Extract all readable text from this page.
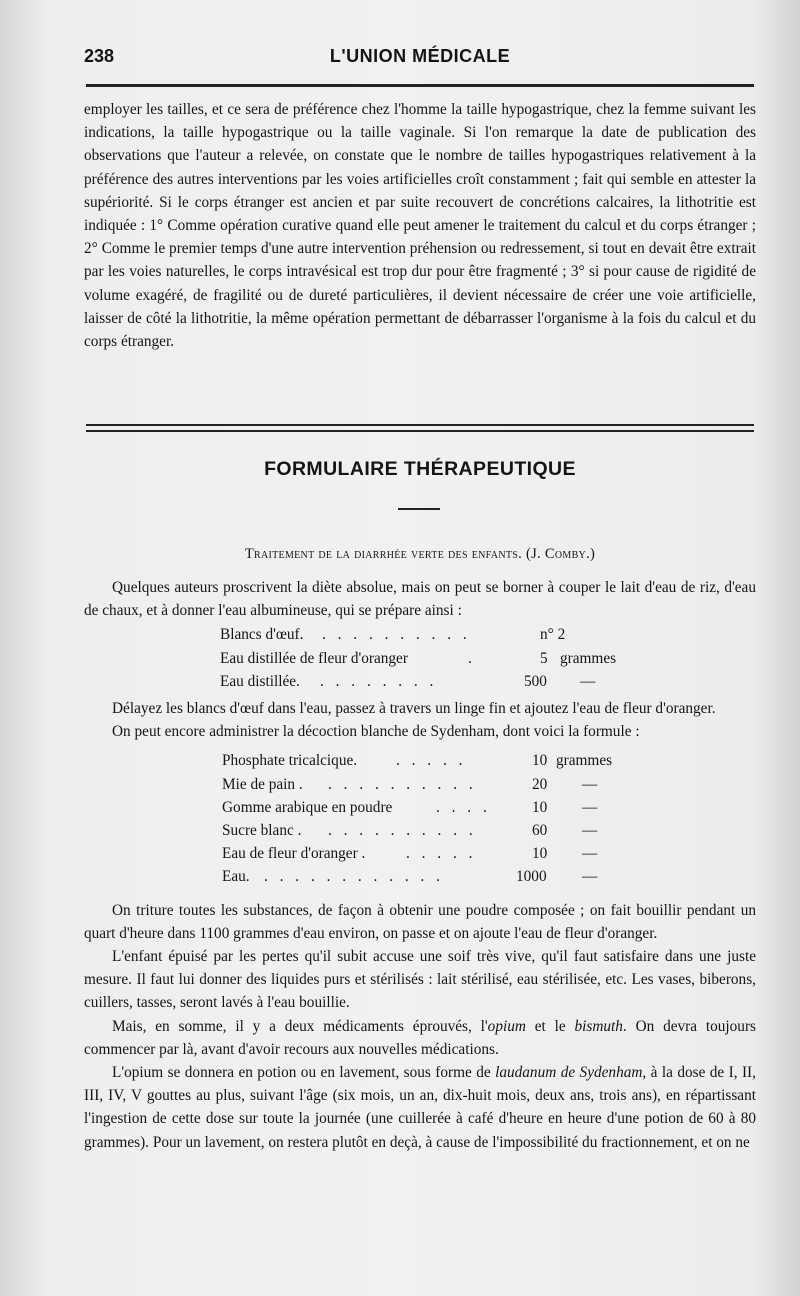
238	L'UNION MÉDICALE

employer les tailles, et ce sera de préférence chez l'homme la taille hypogastrique, chez la femme suivant les indications, la taille hypogastrique ou la taille vaginale. Si l'on remarque la date de publication des observations que l'auteur a relevée, on constate que le nombre de tailles hypogastriques relativement à la préférence des autres interventions par les voies artificielles croît constamment ; fait qui semble en attester la supériorité. Si le corps étranger est ancien et par suite recouvert de concrétions calcaires, la lithotritie est indiquée : 1° Comme opération curative quand elle peut amener le traitement du calcul et du corps étranger ; 2° Comme le premier temps d'une autre intervention préhension ou redressement, si tout en devait être extrait par les voies naturelles, le corps intravésical est trop dur pour être fragmenté ; 3° si pour cause de rigidité de volume exagéré, de fragilité ou de dureté particulières, il devient nécessaire de créer une voie artificielle, laisser de côté la lithotritie, la même opération permettant de débarrasser l'organisme à la fois du calcul et du corps étranger.

FORMULAIRE THÉRAPEUTIQUE
Traitement de la diarrhée verte des enfants. (J. Comby.)

Quelques auteurs proscrivent la diète absolue, mais on peut se borner à couper le lait d'eau de riz, d'eau de chaux, et à donner l'eau albumineuse, qui se prépare ainsi :

Blancs d'œuf. . . . . . . . . . .	n° 2
Eau distillée de fleur d'oranger	.	5 grammes
Eau distillée. . . . . . . . .	500 —

Délayez les blancs d'œuf dans l'eau, passez à travers un linge fin et ajoutez l'eau de fleur d'oranger.

On peut encore administrer la décoction blanche de Sydenham, dont voici la formule :

Phosphate tricalcique.	. . . . .	10 grammes
Mie de pain . . . . . . . . . . .	20 —
Gomme arabique en poudre	. . . .	10 —
Sucre blanc . . . . . . . . . . .	60 —
Eau de fleur d'oranger .	. . . . .	10 —
Eau. . . . . . . . . . . . .	1000 —

On triture toutes les substances, de façon à obtenir une poudre composée ; on fait bouillir pendant un quart d'heure dans 1100 grammes d'eau environ, on passe et on ajoute l'eau de fleur d'oranger.

L'enfant épuisé par les pertes qu'il subit accuse une soif très vive, qu'il faut satisfaire dans une juste mesure. Il faut lui donner des liquides purs et stérilisés : lait stérilisé, eau stérilisée, etc. Les vases, biberons, cuillers, tasses, seront lavés à l'eau bouillie.

Mais, en somme, il y a deux médicaments éprouvés, l'opium et le bismuth. On devra toujours commencer par là, avant d'avoir recours aux nouvelles médications.

L'opium se donnera en potion ou en lavement, sous forme de laudanum de Sydenham, à la dose de I, II, III, IV, V gouttes au plus, suivant l'âge (six mois, un an, dix-huit mois, deux ans, trois ans), en répartissant l'ingestion de cette dose sur toute la journée (une cuillerée à café d'heure en heure d'une potion de 60 à 80 grammes). Pour un lavement, on restera plutôt en deçà, à cause de l'impossibilité du fractionnement, et on ne
